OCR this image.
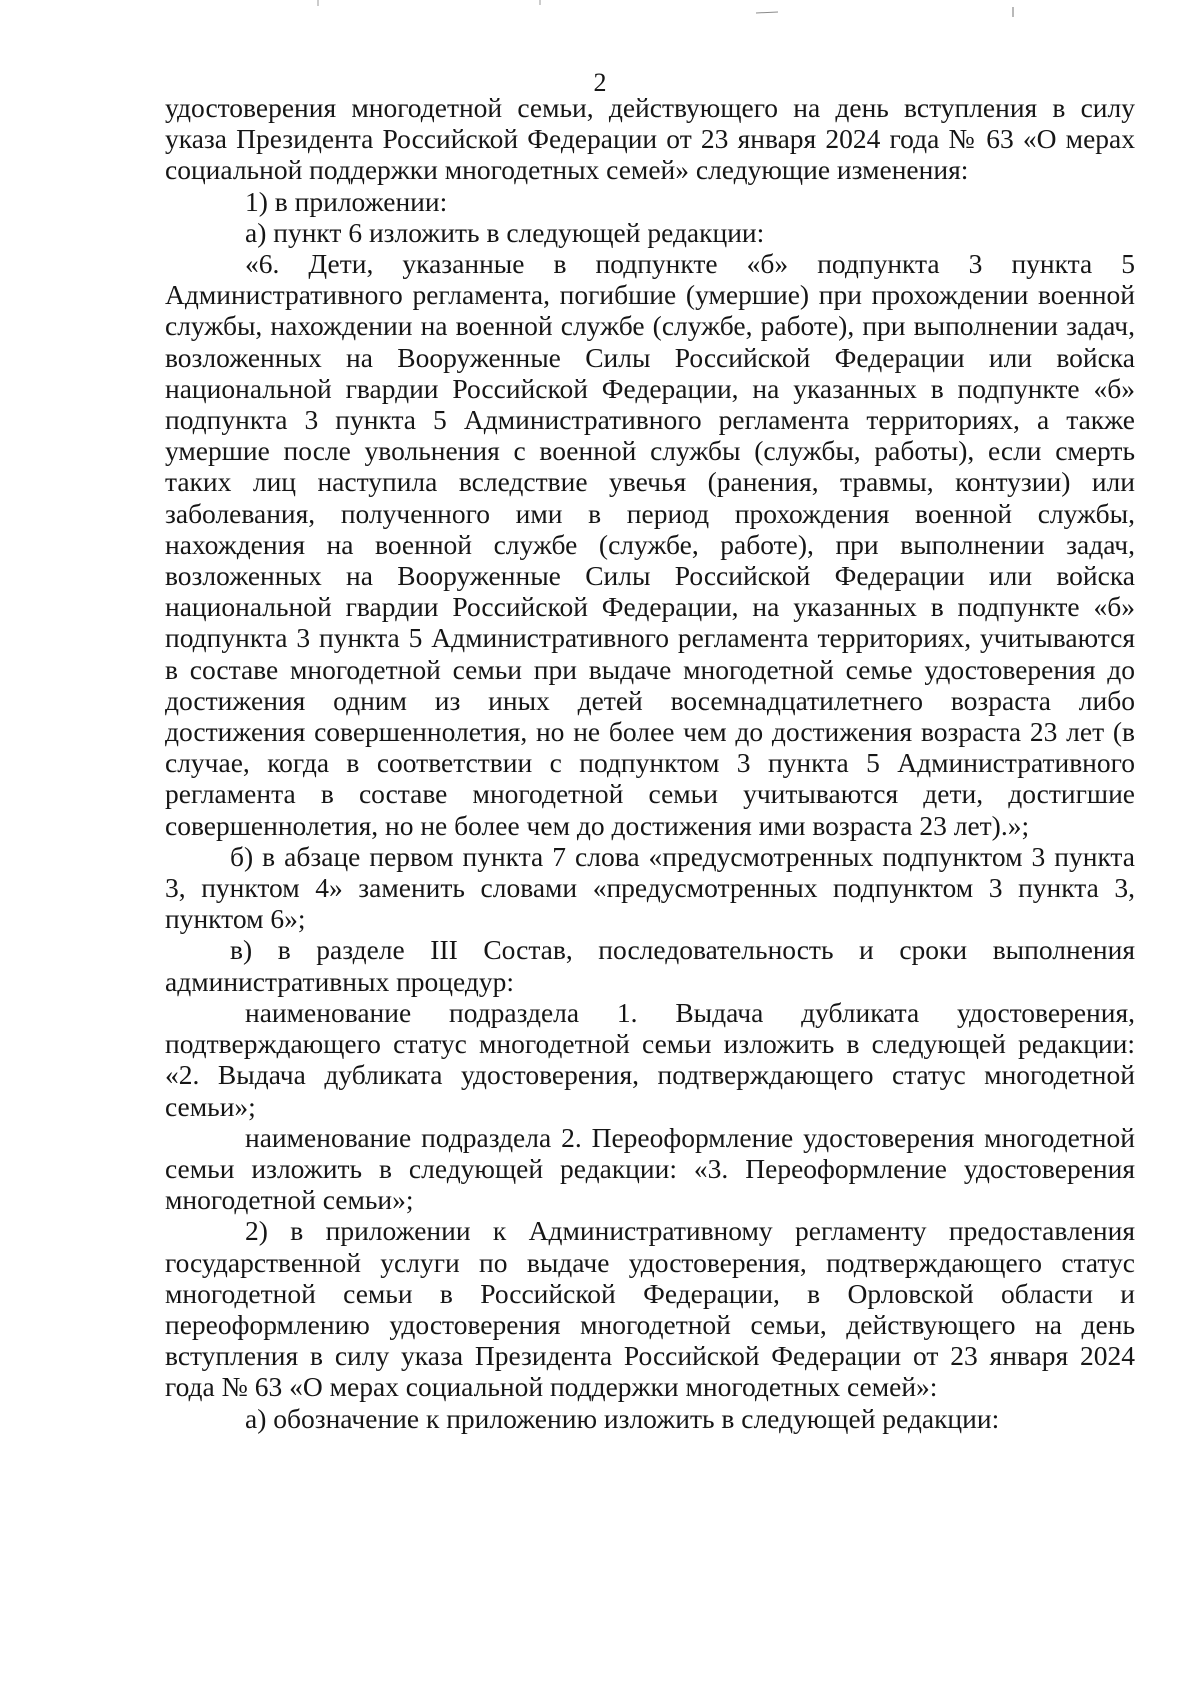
2

удостоверения многодетной семьи, действующего на день вступления в силу указа Президента Российской Федерации от 23 января 2024 года № 63 «О мерах социальной поддержки многодетных семей» следующие изменения:

1) в приложении:

а) пункт 6 изложить в следующей редакции:

«6. Дети, указанные в подпункте «б» подпункта 3 пункта 5 Административного регламента, погибшие (умершие) при прохождении военной службы, нахождении на военной службе (службе, работе), при выполнении задач, возложенных на Вооруженные Силы Российской Федерации или войска национальной гвардии Российской Федерации, на указанных в подпункте «б» подпункта 3 пункта 5 Административного регламента территориях, а также умершие после увольнения с военной службы (службы, работы), если смерть таких лиц наступила вследствие увечья (ранения, травмы, контузии) или заболевания, полученного ими в период прохождения военной службы, нахождения на военной службе (службе, работе), при выполнении задач, возложенных на Вооруженные Силы Российской Федерации или войска национальной гвардии Российской Федерации, на указанных в подпункте «б» подпункта 3 пункта 5 Административного регламента территориях, учитываются в составе многодетной семьи при выдаче многодетной семье удостоверения до достижения одним из иных детей восемнадцатилетнего возраста либо достижения совершеннолетия, но не более чем до достижения возраста 23 лет (в случае, когда в соответствии с подпунктом 3 пункта 5 Административного регламента в составе многодетной семьи учитываются дети, достигшие совершеннолетия, но не более чем до достижения ими возраста 23 лет).»;

б) в абзаце первом пункта 7 слова «предусмотренных подпунктом 3 пункта 3, пунктом 4» заменить словами «предусмотренных подпунктом 3 пункта 3, пунктом 6»;

в) в разделе III Состав, последовательность и сроки выполнения административных процедур:

наименование подраздела 1. Выдача дубликата удостоверения, подтверждающего статус многодетной семьи изложить в следующей редакции: «2. Выдача дубликата удостоверения, подтверждающего статус многодетной семьи»;

наименование подраздела 2. Переоформление удостоверения многодетной семьи изложить в следующей редакции: «3. Переоформление удостоверения многодетной семьи»;

2) в приложении к Административному регламенту предоставления государственной услуги по выдаче удостоверения, подтверждающего статус многодетной семьи в Российской Федерации, в Орловской области и переоформлению удостоверения многодетной семьи, действующего на день вступления в силу указа Президента Российской Федерации от 23 января 2024 года № 63 «О мерах социальной поддержки многодетных семей»:

а) обозначение к приложению изложить в следующей редакции:
